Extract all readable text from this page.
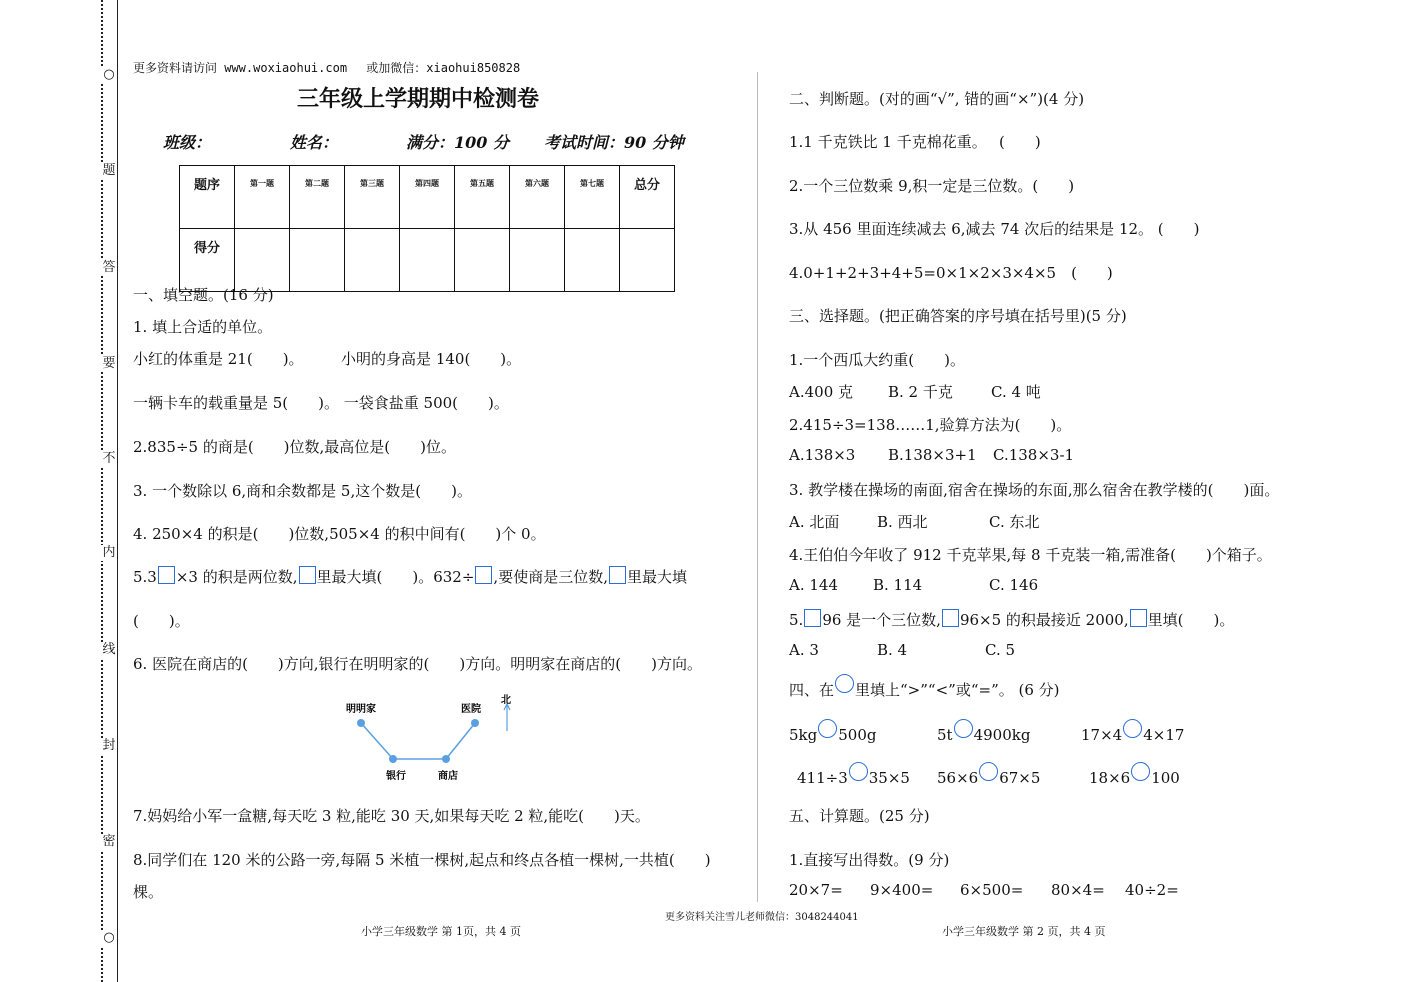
○
题
答
要
不
内
线
封
密
○
更多资料请访问 www.woxiaohui.com　 或加微信：xiaohui850828
三年级上学期期中检测卷
班级：	姓名：	满分：100 分 考试时间：90 分钟
题序	第一题	第二题	第三题	第四题	第五题	第六题	第七题	总分
得分								
一、填空题。(16 分)
1. 填上合适的单位。
小红的体重是 21(　　)。　　　小明的身高是 140(　　)。
一辆卡车的载重量是 5(　　)。 一袋食盐重 500(　　)。
2.835÷5 的商是(　　)位数,最高位是(　　)位。
3. 一个数除以 6,商和余数都是 5,这个数是(　　)。
4. 250×4 的积是(　　)位数,505×4 的积中间有(　　)个 0。
5.3 ×3 的积是两位数, 里最大填(　　)。632÷ ,要使商是三位数, 里最大填
(　　)。
6. 医院在商店的(　　)方向,银行在明明家的(　　)方向。明明家在商店的(　　)方向。
明明家	医院
北
银行	商店
7.妈妈给小军一盒糖,每天吃 3 粒,能吃 30 天,如果每天吃 2 粒,能吃(　　)天。
8.同学们在 120 米的公路一旁,每隔 5 米植一棵树,起点和终点各植一棵树,一共植(　　)
棵。
二、判断题。(对的画“√”, 错的画“×”)(4 分)
1.1 千克铁比 1 千克棉花重。　 (　　)
2.一个三位数乘 9,积一定是三位数。(　　)
3.从 456 里面连续减去 6,减去 74 次后的结果是 12。 (　　)
4.0+1+2+3+4+5=0×1×2×3×4×5　(　　)
三、选择题。(把正确答案的序号填在括号里)(5 分)
1.一个西瓜大约重(　　)。
A.400 克 B. 2 千克	C. 4 吨
2.415÷3=138……1,验算方法为(　　)。
A.138×3 B.138×3+1 C.138×3-1
3. 教学楼在操场的南面,宿舍在操场的东面,那么宿舍在教学楼的(　　)面。
A. 北面	B. 西北	C. 东北
4.王伯伯今年收了 912 千克苹果,每 8 千克装一箱,需准备(　　)个箱子。
A. 144 B. 114	C. 146
5. 96 是一个三位数, 96×5 的积最接近 2000, 里填(　　)。
A. 3	B. 4	C. 5
四、在 里填上“>”“<”或“=”。 (6 分)
5kg 500g	5t 4900kg	17×4 4×17
411÷3 35×5 56×6 67×5	18×6 100
五、计算题。(25 分)
1.直接写出得数。(9 分)
20×7= 9×400= 6×500= 80×4= 40÷2=
更多资料关注雪儿老师微信：3048244041
小学三年级数学 第 1页，共 4 页	小学三年级数学 第 2 页，共 4 页
